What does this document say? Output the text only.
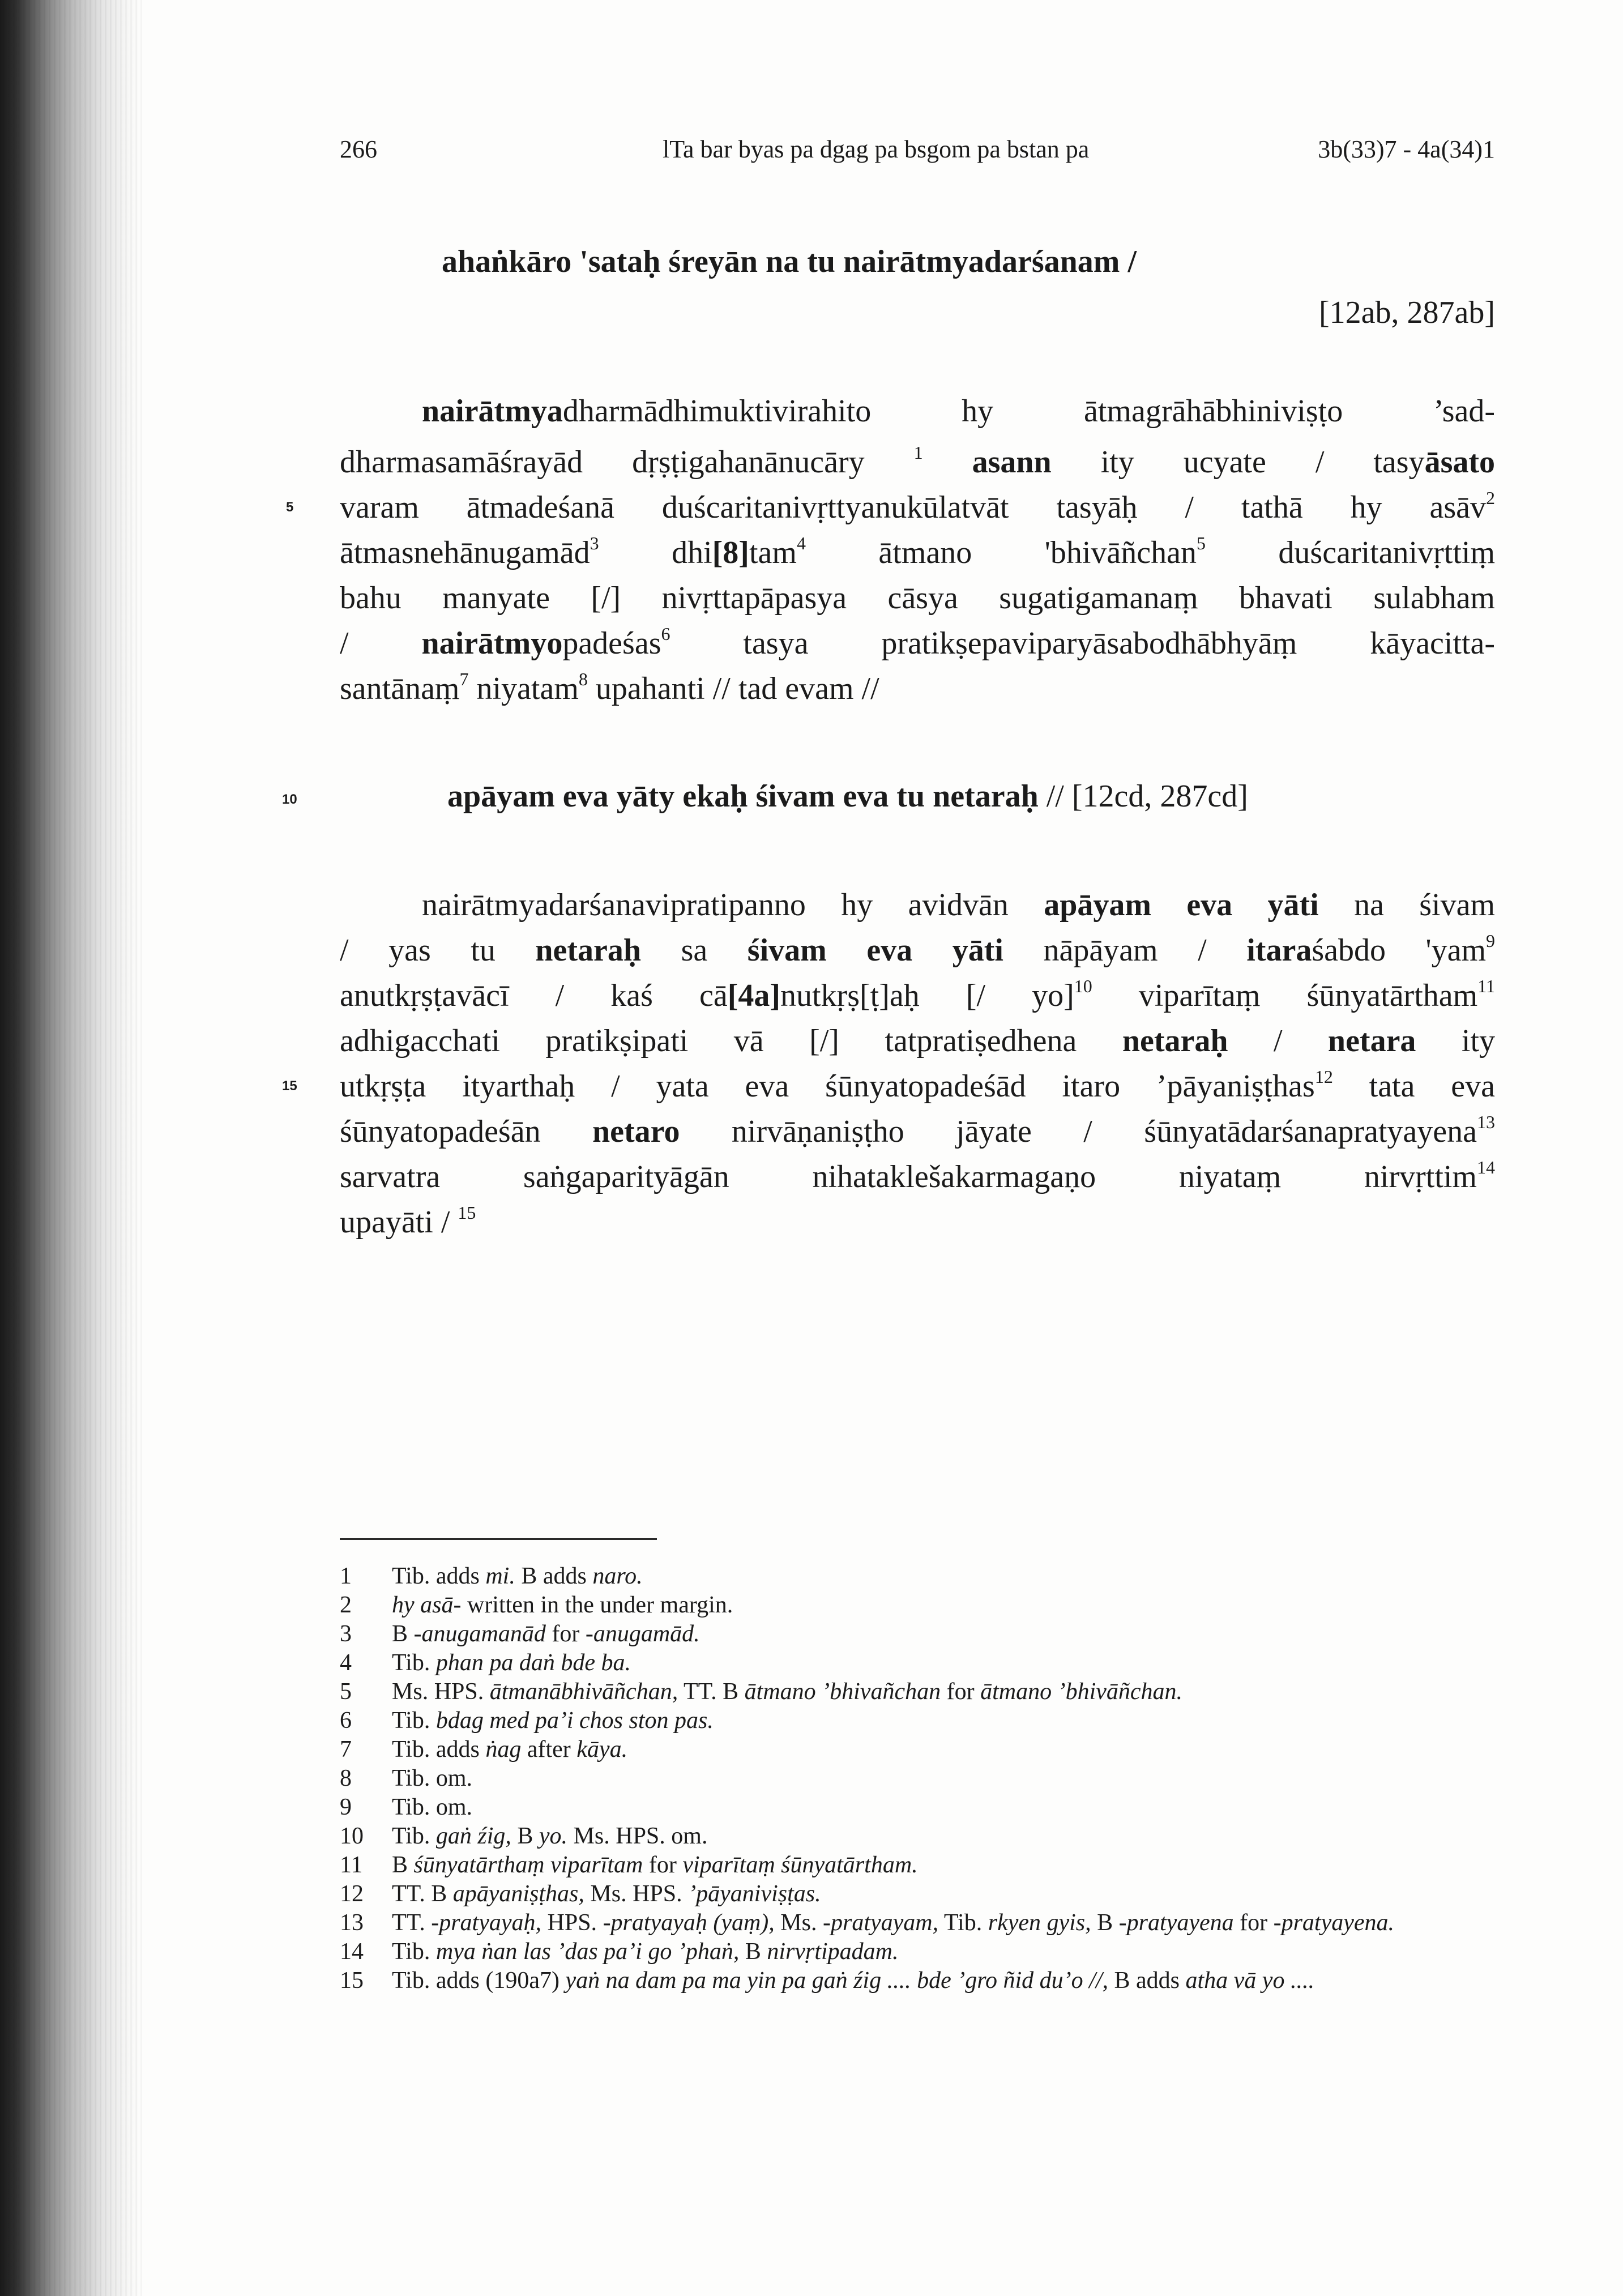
266	lTa bar byas pa dgag pa bsgom pa bstan pa	3b(33)7 - 4a(34)1
ahaṅkāro 'sataḥ śreyān na tu nairātmyadarśanam /
[12ab, 287ab]
nairātmyadharmādhimuktivirahito hy ātmagrāhābhiniviṣṭo ’sad-
dharmasamāśrayād dṛṣṭigahanānucāry $^1$ asann ity ucyate / tasyāsato
5 varam ātmadeśanā duścaritanivṛttyanukūlatvāt tasyāḥ / tathā hy asāv$^2$
ātmasnehānugamād$^3$ dhi[8]tam$^4$ ātmano 'bhivāñchan$^5$ duścaritanivṛttiṃ
bahu manyate [/] nivṛttapāpasya cāsya sugatigamanaṃ bhavati sulabham
/ nairātmyopadeśas$^6$ tasya pratikṣepaviparyāsabodhābhyāṃ kāyacitta-
santānaṃ$^7$ niyatam$^8$ upahanti // tad evam //
10	apāyam eva yāty ekaḥ śivam eva tu netaraḥ // [12cd, 287cd]
nairātmyadarśanavipratipanno hy avidvān apāyam eva yāti na śivam
/ yas tu netaraḥ sa śivam eva yāti nāpāyam / itaraśabdo 'yam$^9$
anutkṛṣṭavācī / kaś cā[4a]nutkṛṣ[ṭ]aḥ [/ yo]$^{10}$ viparītaṃ śūnyatārtham$^{11}$
adhigacchati pratikṣipati vā [/] tatpratiṣedhena netaraḥ / netara ity
15 utkṛṣṭa ityarthaḥ / yata eva śūnyatopadeśād itaro ’pāyaniṣṭhas$^{12}$ tata eva
śūnyatopadeśān netaro nirvāṇaniṣṭho jāyate / śūnyatādarśanapratyayena$^{13}$
sarvatra saṅgaparityāgān nihataklešakarmagaṇo niyataṃ nirvṛttim$^{14}$
upayāti / $^{15}$
1	Tib. adds mi. B adds naro.
2	hy asā- written in the under margin.
3	B -anugamanād for -anugamād.
4	Tib. phan pa daṅ bde ba.
5	Ms. HPS. ātmanābhivāñchan, TT. B ātmano ’bhivañchan for ātmano ’bhivāñchan.
6	Tib. bdag med pa’i chos ston pas.
7	Tib. adds ṅag after kāya.
8	Tib. om.
9	Tib. om.
10	Tib. gaṅ źig, B yo. Ms. HPS. om.
11	B śūnyatārthaṃ viparītam for viparītaṃ śūnyatārtham.
12	TT. B apāyaniṣṭhas, Ms. HPS. ’pāyaniviṣṭas.
13	TT. -pratyayaḥ, HPS. -pratyayaḥ (yaṃ), Ms. -pratyayam, Tib. rkyen gyis, B -pratyayena for -pratyayena.
14	Tib. mya ṅan las ’das pa’i go ’phaṅ, B nirvṛtipadam.
15	Tib. adds (190a7) yaṅ na dam pa ma yin pa gaṅ źig .... bde ’gro ñid du’o //, B adds atha vā yo ....
